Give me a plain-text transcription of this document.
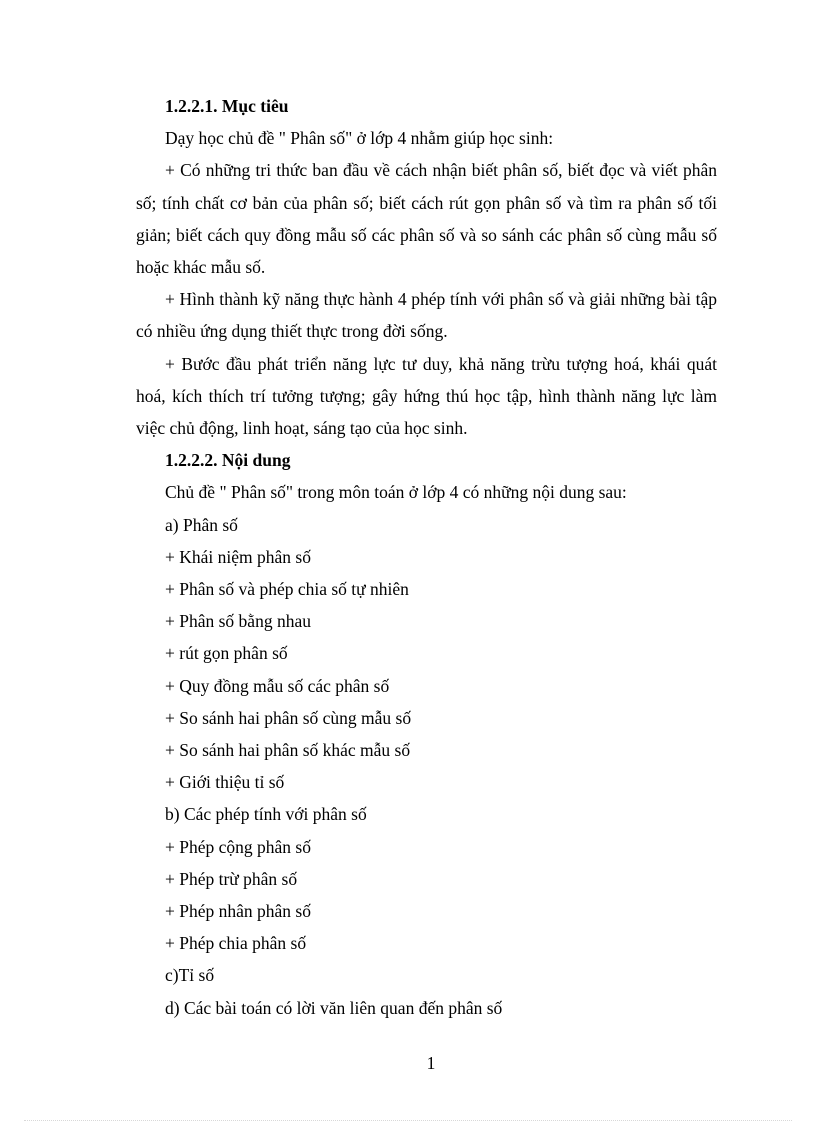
1.2.2.1. Mục tiêu

Dạy học chủ đề " Phân số" ở lớp 4 nhằm giúp học sinh:

+ Có những tri thức ban đầu về cách nhận biết phân số, biết đọc và viết phân số; tính chất cơ bản của phân số; biết cách rút gọn phân số và tìm ra phân số tối giản; biết cách quy đồng mẫu số các phân số và so sánh các phân số cùng mẫu số hoặc khác mẫu số.

+ Hình thành kỹ năng thực hành 4 phép tính với phân số và giải những bài tập có nhiều ứng dụng thiết thực trong đời sống.

+ Bước đầu phát triển năng lực tư duy, khả năng trừu tượng hoá, khái quát hoá, kích thích trí tưởng tượng; gây hứng thú học tập, hình thành năng lực làm việc chủ động, linh hoạt, sáng tạo của học sinh.

1.2.2.2. Nội dung

Chủ đề " Phân số" trong môn toán ở lớp 4 có những nội dung sau:

a) Phân số

+ Khái niệm phân số

+ Phân số và phép chia số tự nhiên

+ Phân số bằng nhau

+ rút gọn phân số

+ Quy đồng mẫu số các phân số

+ So sánh hai phân số cùng mẫu số

+ So sánh hai phân số khác mẫu số

+ Giới thiệu tỉ số

b) Các phép tính với phân số

+ Phép cộng phân số

+ Phép trừ phân số

+ Phép nhân phân số

+ Phép chia phân số

c)Tỉ số

d) Các bài toán có lời văn liên quan đến phân số

1
